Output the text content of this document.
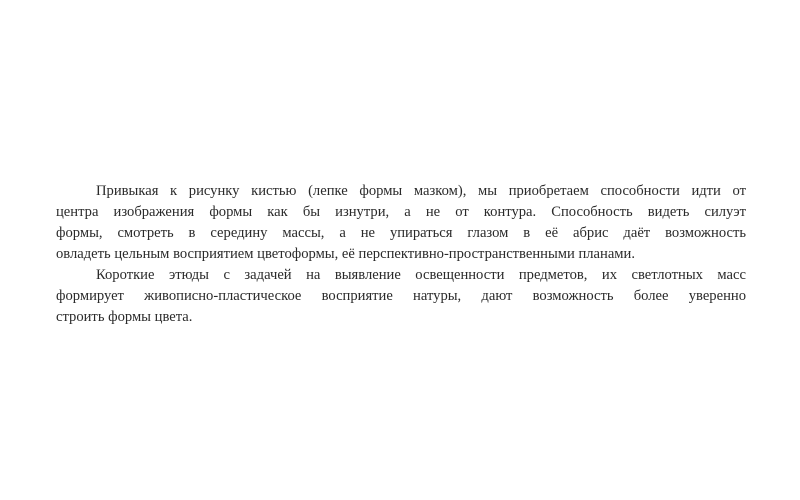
Привыкая к рисунку кистью (лепке формы мазком), мы приобретаем способности идти от
центра изображения формы как бы изнутри, а не от контура. Способность видеть силуэт
формы, смотреть в середину массы, а не упираться глазом в её абрис даёт возможность
овладеть цельным восприятием цветоформы, её перспективно-пространственными планами.

Короткие этюды с задачей на выявление освещенности предметов, их светлотных масс
формирует живописно-пластическое восприятие натуры, дают возможность более уверенно
строить формы цвета.
